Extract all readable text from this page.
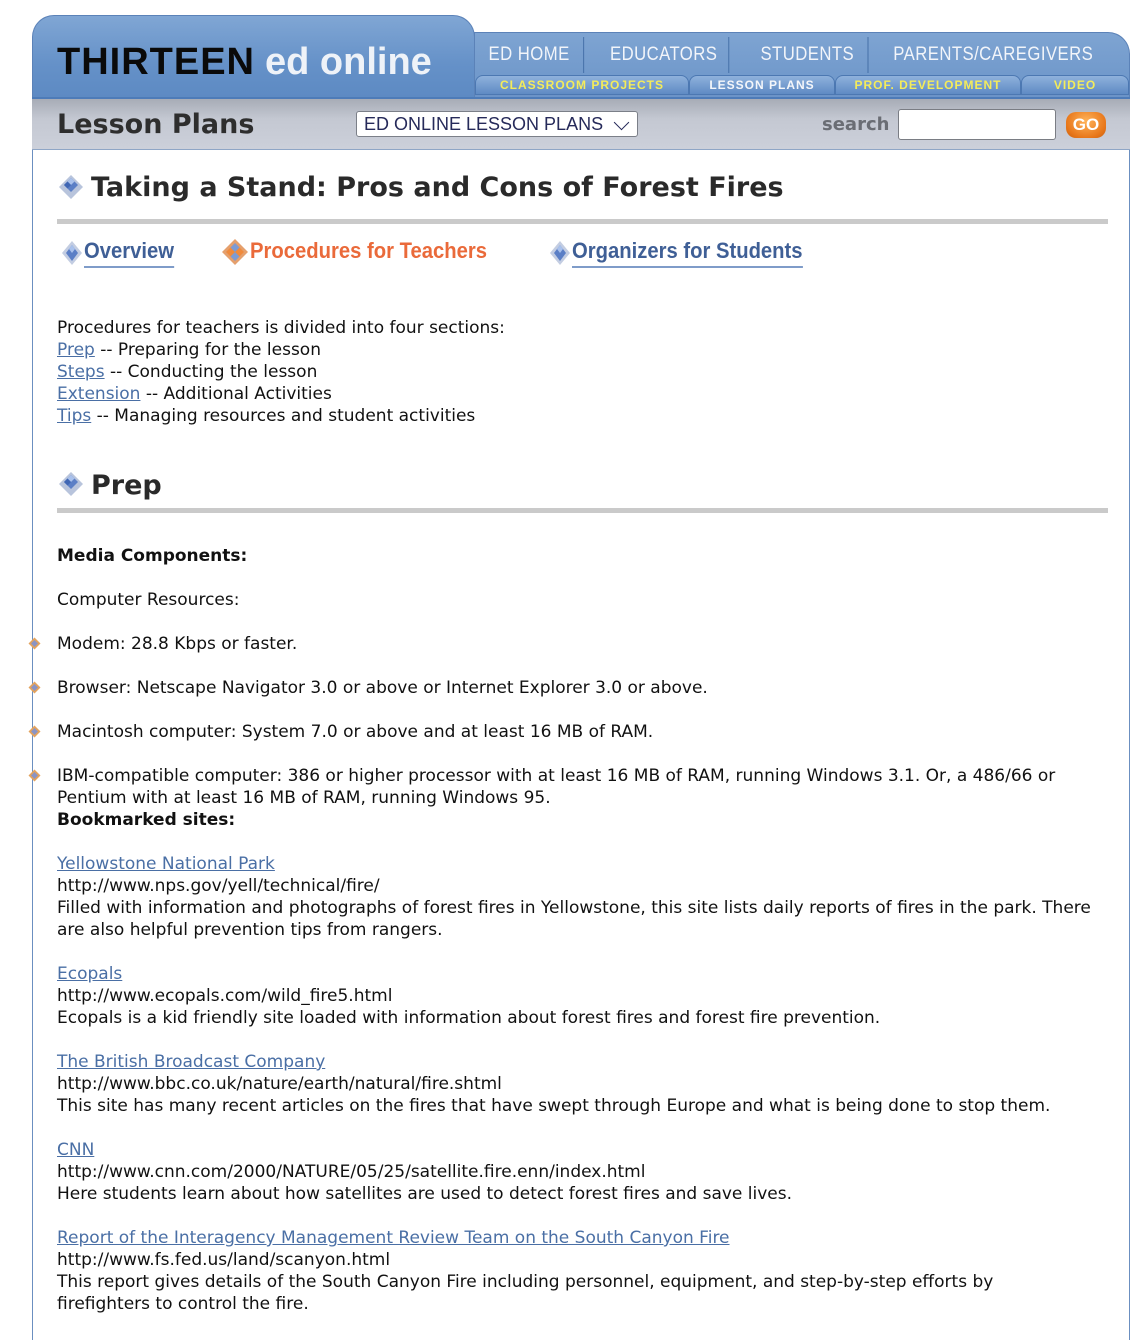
THIRTEEN ed online	ED HOME EDUCATORS STUDENTS PARENTS/CAREGIVERS
CLASSROOM PROJECTS	LESSON PLANS	PROF. DEVELOPMENT	VIDEO
Lesson Plans	ED ONLINE LESSON PLANS	search	GO
Taking a Stand: Pros and Cons of Forest Fires
Overview	Procedures for Teachers	Organizers for Students
Procedures for teachers is divided into four sections:
Prep -- Preparing for the lesson
Steps -- Conducting the lesson
Extension -- Additional Activities
Tips -- Managing resources and student activities
Prep
Media Components:
Computer Resources:
Modem: 28.8 Kbps or faster.
Browser: Netscape Navigator 3.0 or above or Internet Explorer 3.0 or above.
Macintosh computer: System 7.0 or above and at least 16 MB of RAM.
IBM-compatible computer: 386 or higher processor with at least 16 MB of RAM, running Windows 3.1. Or, a 486/66 or Pentium with at least 16 MB of RAM, running Windows 95.
Bookmarked sites:
Yellowstone National Park
http://www.nps.gov/yell/technical/fire/
Filled with information and photographs of forest fires in Yellowstone, this site lists daily reports of fires in the park. There are also helpful prevention tips from rangers.
Ecopals
http://www.ecopals.com/wild_fire5.html
Ecopals is a kid friendly site loaded with information about forest fires and forest fire prevention.
The British Broadcast Company
http://www.bbc.co.uk/nature/earth/natural/fire.shtml
This site has many recent articles on the fires that have swept through Europe and what is being done to stop them.
CNN
http://www.cnn.com/2000/NATURE/05/25/satellite.fire.enn/index.html
Here students learn about how satellites are used to detect forest fires and save lives.
Report of the Interagency Management Review Team on the South Canyon Fire
http://www.fs.fed.us/land/scanyon.html
This report gives details of the South Canyon Fire including personnel, equipment, and step-by-step efforts by firefighters to control the fire.
